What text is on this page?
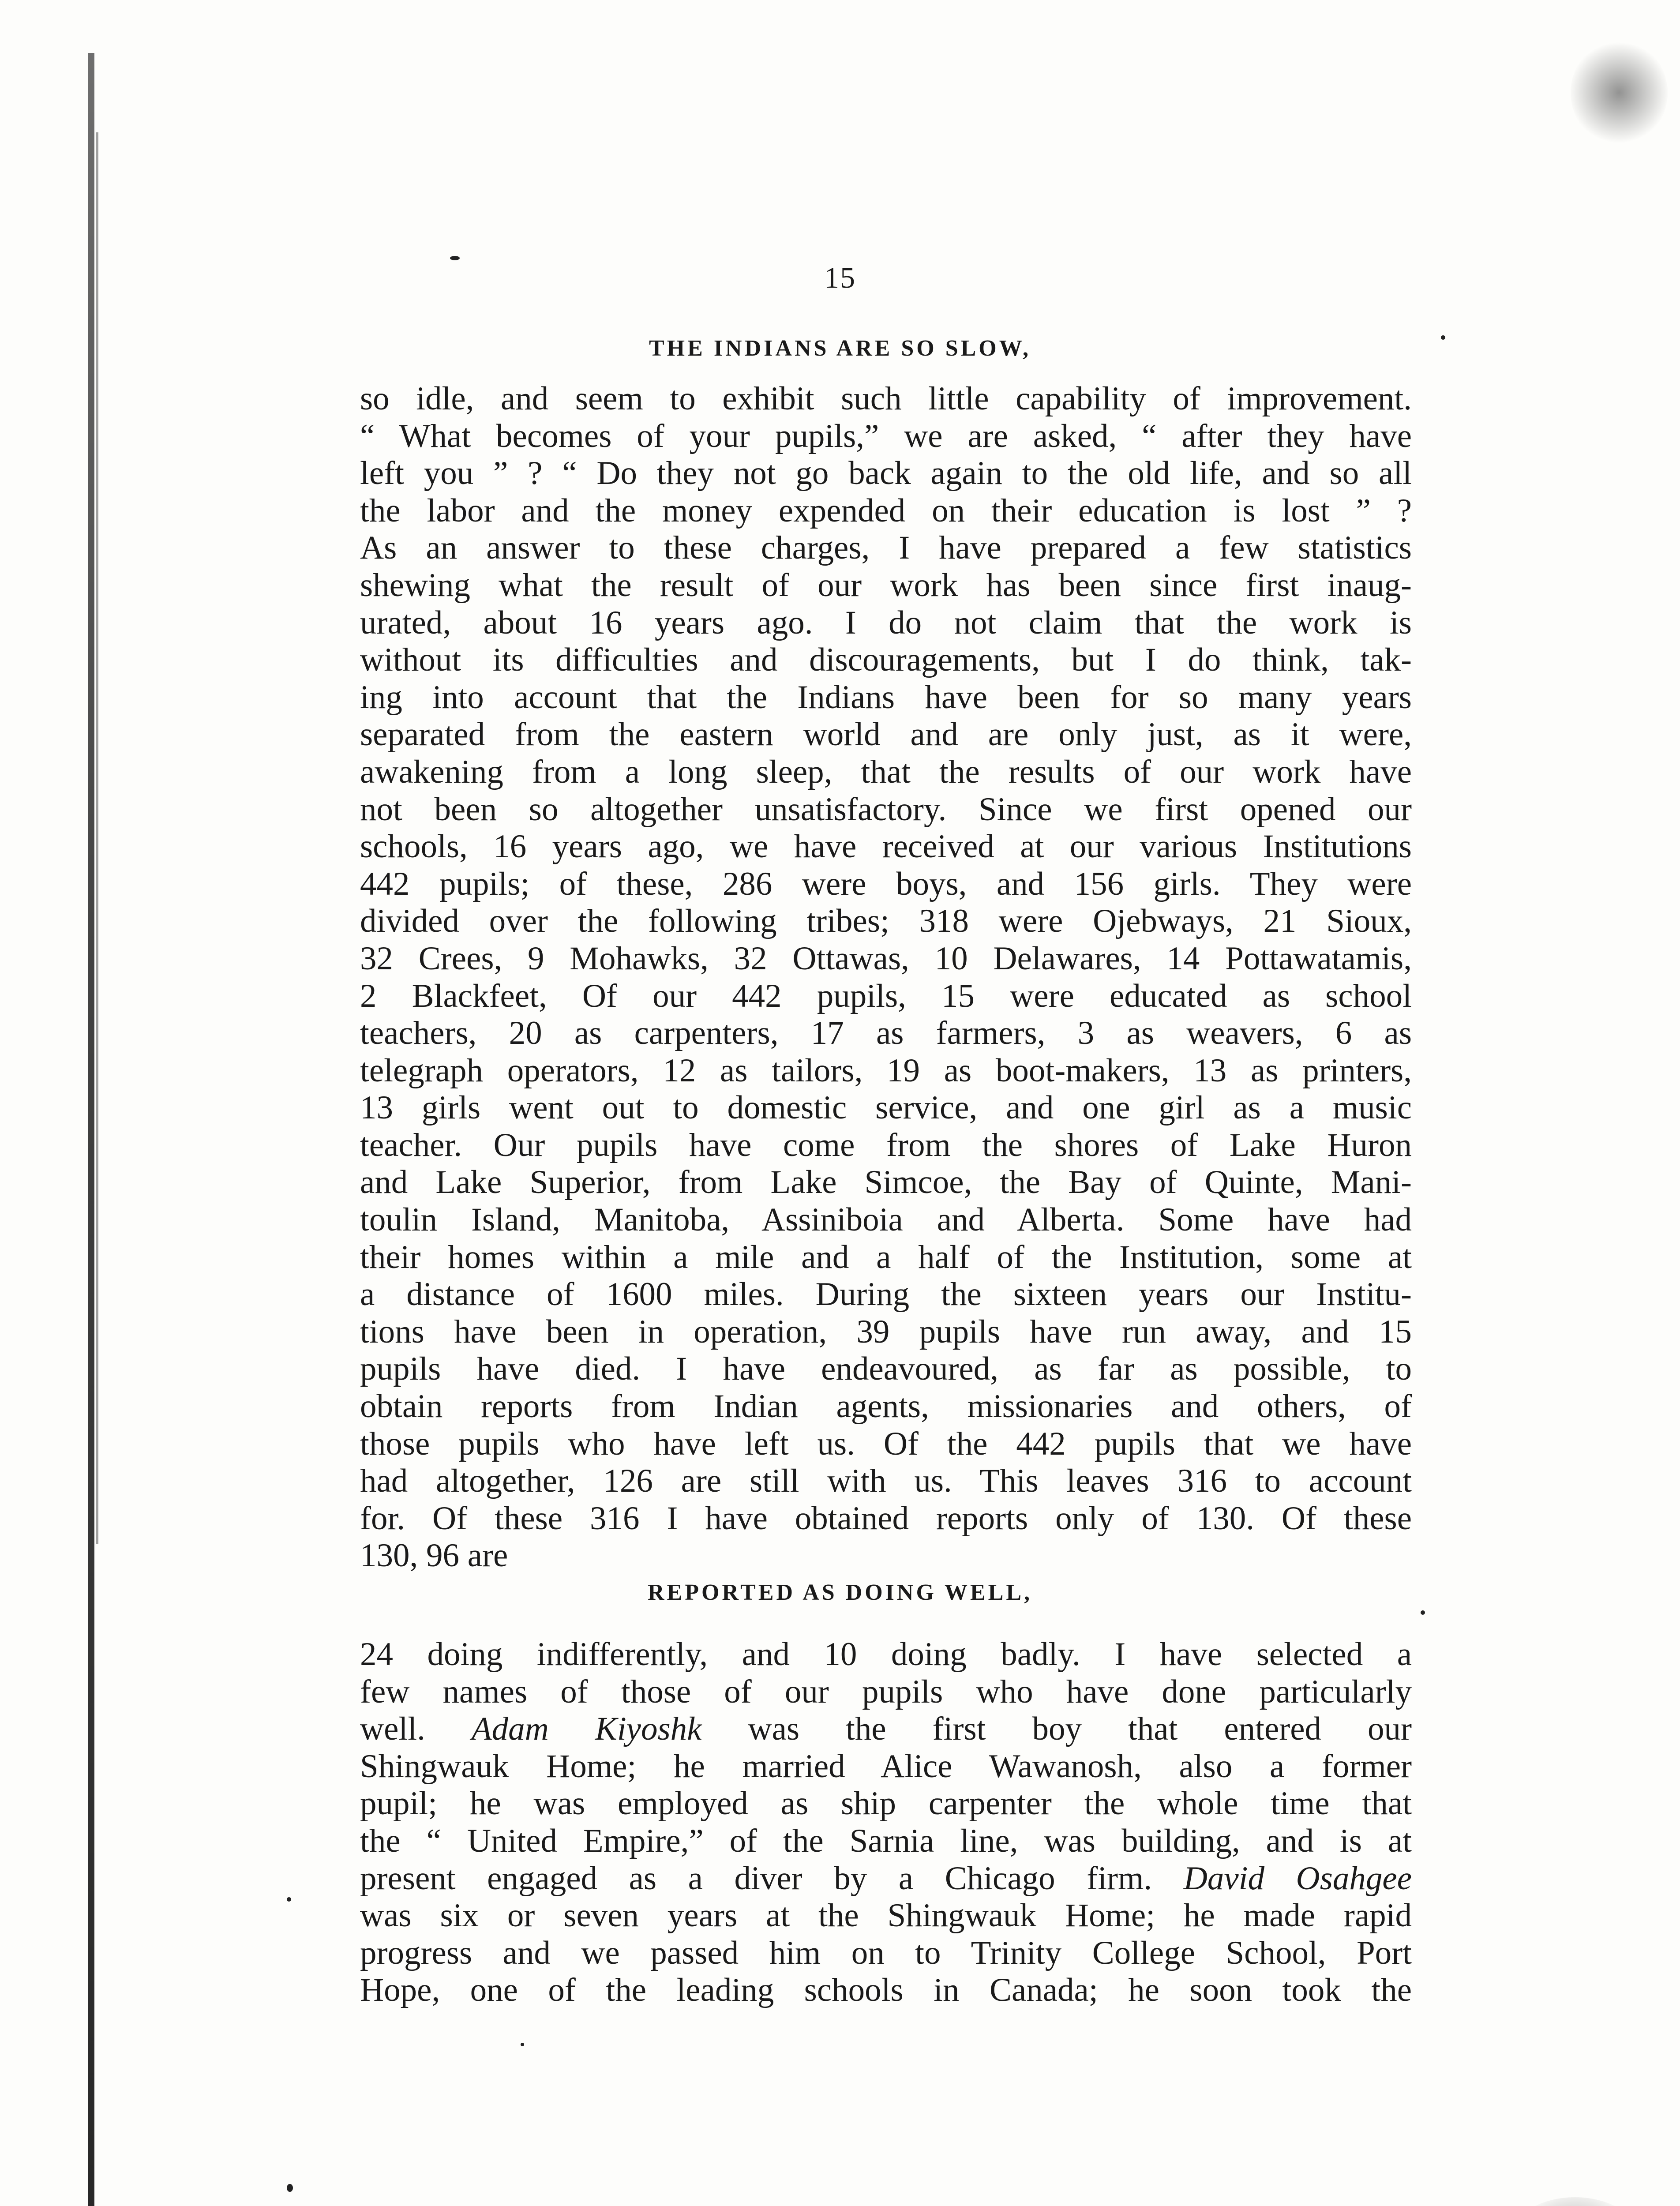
15
THE INDIANS ARE SO SLOW,
so idle, and seem to exhibit such little capability of improvement.
“ What becomes of your pupils,” we are asked, “ after they have
left you ” ? “ Do they not go back again to the old life, and so all
the labor and the money expended on their education is lost ” ?
As an answer to these charges, I have prepared a few statistics
shewing what the result of our work has been since first inaug-
urated, about 16 years ago. I do not claim that the work is
without its difficulties and discouragements, but I do think, tak-
ing into account that the Indians have been for so many years
separated from the eastern world and are only just, as it were,
awakening from a long sleep, that the results of our work have
not been so altogether unsatisfactory. Since we first opened our
schools, 16 years ago, we have received at our various Institutions
442 pupils; of these, 286 were boys, and 156 girls. They were
divided over the following tribes; 318 were Ojebways, 21 Sioux,
32 Crees, 9 Mohawks, 32 Ottawas, 10 Delawares, 14 Pottawatamis,
2 Blackfeet, Of our 442 pupils, 15 were educated as school
teachers, 20 as carpenters, 17 as farmers, 3 as weavers, 6 as
telegraph operators, 12 as tailors, 19 as boot-makers, 13 as printers,
13 girls went out to domestic service, and one girl as a music
teacher. Our pupils have come from the shores of Lake Huron
and Lake Superior, from Lake Simcoe, the Bay of Quinte, Mani-
toulin Island, Manitoba, Assiniboia and Alberta. Some have had
their homes within a mile and a half of the Institution, some at
a distance of 1600 miles. During the sixteen years our Institu-
tions have been in operation, 39 pupils have run away, and 15
pupils have died. I have endeavoured, as far as possible, to
obtain reports from Indian agents, missionaries and others, of
those pupils who have left us. Of the 442 pupils that we have
had altogether, 126 are still with us. This leaves 316 to account
for. Of these 316 I have obtained reports only of 130. Of these
130, 96 are
REPORTED AS DOING WELL,
24 doing indifferently, and 10 doing badly. I have selected a
few names of those of our pupils who have done particularly
well. Adam Kiyoshk was the first boy that entered our
Shingwauk Home; he married Alice Wawanosh, also a former
pupil; he was employed as ship carpenter the whole time that
the “ United Empire,” of the Sarnia line, was building, and is at
present engaged as a diver by a Chicago firm. David Osahgee
was six or seven years at the Shingwauk Home; he made rapid
progress and we passed him on to Trinity College School, Port
Hope, one of the leading schools in Canada; he soon took the
